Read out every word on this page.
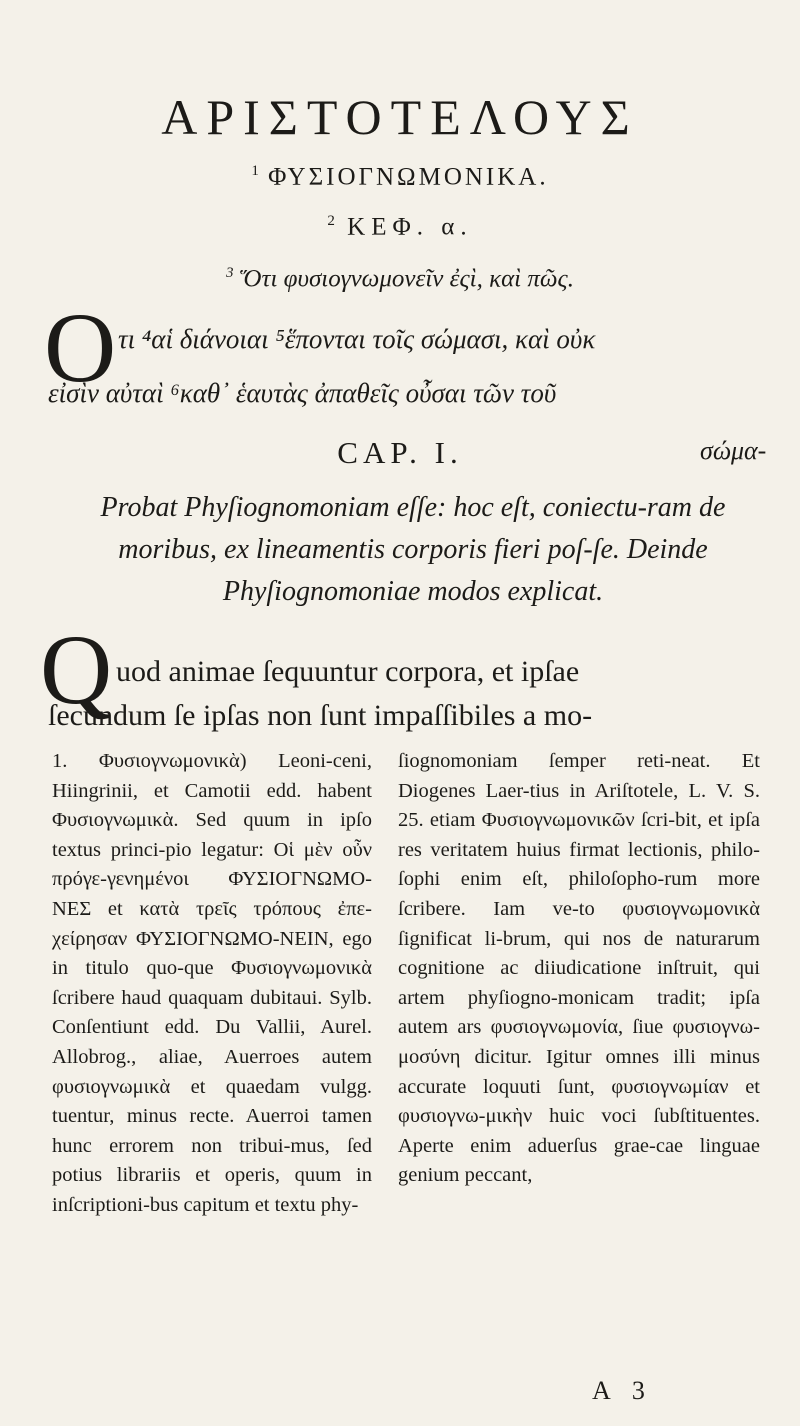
ΑΡΙΣΤΟΤΕΛΟΥΣ
$^1$ ΦΥΣΙΟΓΝΩΜΟΝΙΚΑ.
$^2$ ΚΕΦ. α.
$^3$ Ὅτι φυσιογνωμονεῖν ἐςὶ, καὶ πῶς.
O τι ⁴αἱ διάνοιαι ⁵ἕπονται τοῖς σώμασι, καὶ οὐκ
εἰσὶν αὐταὶ ⁶καθ᾽ ἑαυτὰς ἀπαθεῖς οὖσαι τῶν τοῦ
σώμα-
CAP. I.
Probat Phyſiognomoniam eſſe: hoc eſt, coniectu-ram de moribus, ex lineamentis corporis fieri poſ-ſe. Deinde Phyſiognomoniae modos explicat.
Q uod animae ſequuntur corpora, et ipſae
ſecundum ſe ipſas non ſunt impaſſibiles a mo-

1. Φυσιογνωμονικὰ) Leoni-ceni, Hiingrinii, et Camotii edd. habent Φυσιογνωμικὰ. Sed quum in ipſo textus princi-pio legatur: Οἱ μὲν οὖν πρόγε-γενημένοι ΦΥΣΙΟΓΝΩΜΟ-ΝΕΣ et κατὰ τρεῖς τρόπους ἐπε-χείρησαν ΦΥΣΙΟΓΝΩΜΟ-ΝΕΙΝ, ego in titulo quo-que Φυσιογνωμονικὰ ſcribere haud quaquam dubitaui. Sylb. Conſentiunt edd. Du Vallii, Aurel. Allobrog., aliae, Auerroes autem φυσιογνωμικὰ et quaedam vulgg. tuentur, minus recte. Auerroi tamen hunc errorem non tribui-mus, ſed potius librariis et operis, quum in inſcriptioni-bus capitum et textu phy-

ſiognomoniam ſemper reti-neat. Et Diogenes Laer-tius in Ariſtotele, L. V. S. 25. etiam Φυσιογνωμονικῶν ſcri-bit, et ipſa res veritatem huius firmat lectionis, philo-ſophi enim eſt, philoſopho-rum more ſcribere. Iam ve-to φυσιογνωμονικὰ ſignificat li-brum, qui nos de naturarum cognitione ac diiudicatione inſtruit, qui artem phyſiogno-monicam tradit; ipſa autem ars φυσιογνωμονία, ſiue φυσιογνω-μοσύνη dicitur. Igitur omnes illi minus accurate loquuti ſunt, φυσιογνωμίαν et φυσιογνω-μικὴν huic voci ſubſtituentes. Aperte enim aduerſus grae-cae linguae genium peccant,

A 3
